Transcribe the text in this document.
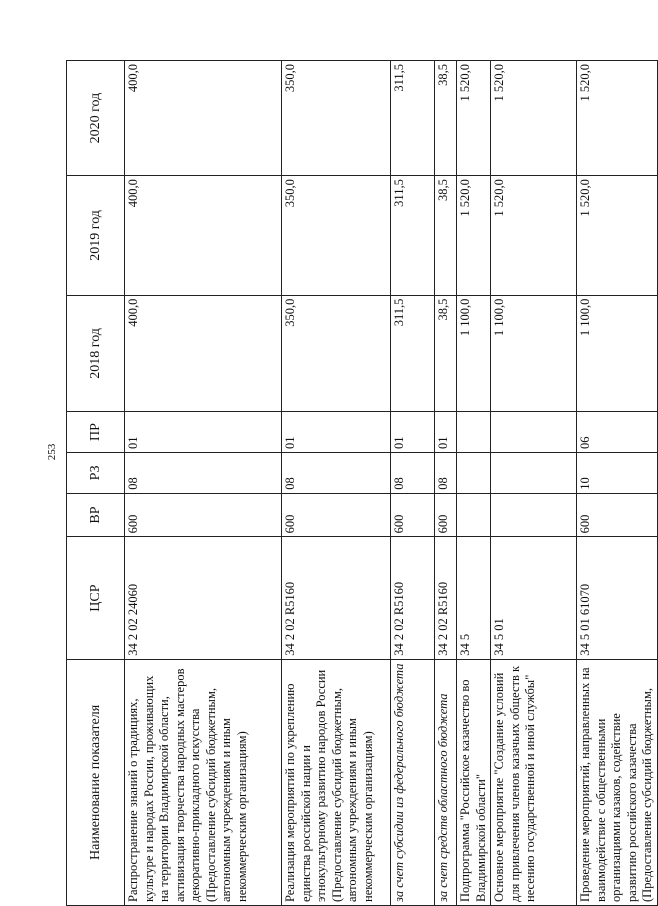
253
Наименование показателя	ЦСР	ВР	РЗ	ПР	2018 год	2019 год	2020 год
Распространение знаний о традициях, культуре и народах России, проживающих на территории Владимирской области, активизация творчества народных мастеров декоративно-прикладного искусства (Предоставление субсидий бюджетным, автономным учреждениям и иным некоммерческим организациям)	34 2 02 24060	600	08	01	400,0	400,0	400,0
Реализация мероприятий по укреплению единства российской нации и этнокультурному развитию народов России (Предоставление субсидий бюджетным, автономным учреждениям и иным некоммерческим организациям)	34 2 02 R5160	600	08	01	350,0	350,0	350,0
за счет субсидии из федерального бюджета	34 2 02 R5160	600	08	01	311,5	311,5	311,5
за счет средств областного бюджета	34 2 02 R5160	600	08	01	38,5	38,5	38,5
Подпрограмма "Российское казачество во Владимирской области"	34 5				1 100,0	1 520,0	1 520,0
Основное мероприятие "Создание условий для привлечения членов казачьих обществ к несению государственной и иной службы"	34 5 01				1 100,0	1 520,0	1 520,0
Проведение мероприятий, направленных на взаимодействие с общественными организациями казаков, содействие развитию российского казачества (Предоставление субсидий бюджетным,	34 5 01 61070	600	10	06	1 100,0	1 520,0	1 520,0
